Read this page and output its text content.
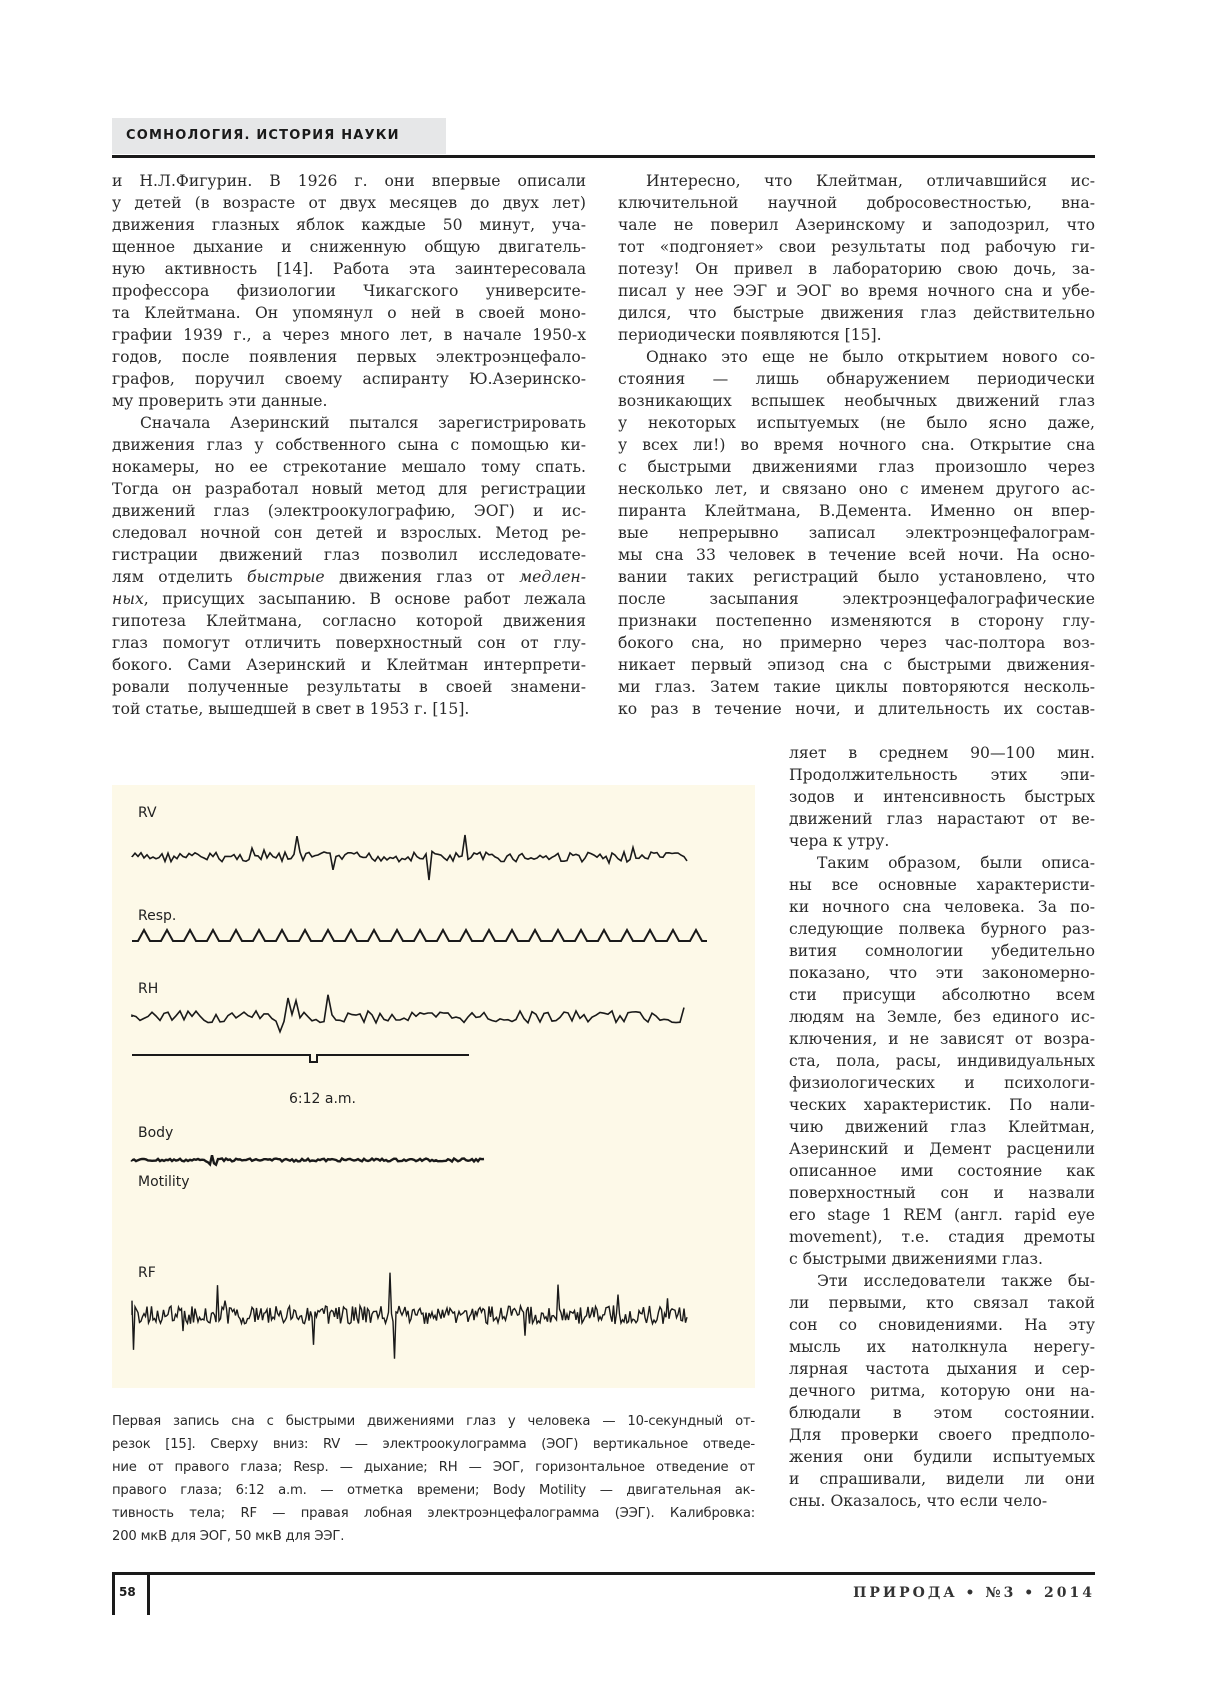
СОМНОЛОГИЯ. ИСТОРИЯ НАУКИ
и Н.Л.Фигурин. В 1926 г. они впервые описали
у детей (в возрасте от двух месяцев до двух лет)
движения глазных яблок каждые 50 минут, уча-
щенное дыхание и сниженную общую двигатель-
ную активность [14]. Работа эта заинтересовала
профессора физиологии Чикагского университе-
та Клейтмана. Он упомянул о ней в своей моно-
графии 1939 г., а через много лет, в начале 1950-х
годов, после появления первых электроэнцефало-
графов, поручил своему аспиранту Ю.Азеринско-
му проверить эти данные.
Сначала Азеринский пытался зарегистрировать
движения глаз у собственного сына с помощью ки-
нокамеры, но ее стрекотание мешало тому спать.
Тогда он разработал новый метод для регистрации
движений глаз (электроокулографию, ЭОГ) и ис-
следовал ночной сон детей и взрослых. Метод ре-
гистрации движений глаз позволил исследовате-
лям отделить быстрые движения глаз от медлен-
ных, присущих засыпанию. В основе работ лежала
гипотеза Клейтмана, согласно которой движения
глаз помогут отличить поверхностный сон от глу-
бокого. Сами Азеринский и Клейтман интерпрети-
ровали полученные результаты в своей знамени-
той статье, вышедшей в свет в 1953 г. [15].
Интересно, что Клейтман, отличавшийся ис-
ключительной научной добросовестностью, вна-
чале не поверил Азеринскому и заподозрил, что
тот «подгоняет» свои результаты под рабочую ги-
потезу! Он привел в лабораторию свою дочь, за-
писал у нее ЭЭГ и ЭОГ во время ночного сна и убе-
дился, что быстрые движения глаз действительно
периодически появляются [15].
Однако это еще не было открытием нового со-
стояния — лишь обнаружением периодически
возникающих вспышек необычных движений глаз
у некоторых испытуемых (не было ясно даже,
у всех ли!) во время ночного сна. Открытие сна
с быстрыми движениями глаз произошло через
несколько лет, и связано оно с именем другого ас-
пиранта Клейтмана, В.Демента. Именно он впер-
вые непрерывно записал электроэнцефалограм-
мы сна 33 человек в течение всей ночи. На осно-
вании таких регистраций было установлено, что
после засыпания электроэнцефалографические
признаки постепенно изменяются в сторону глу-
бокого сна, но примерно через час-полтора воз-
никает первый эпизод сна с быстрыми движения-
ми глаз. Затем такие циклы повторяются несколь-
ко раз в течение ночи, и длительность их состав-
ляет в среднем 90—100 мин.
Продолжительность этих эпи-
зодов и интенсивность быстрых
движений глаз нарастают от ве-
чера к утру.
Таким образом, были описа-
ны все основные характеристи-
ки ночного сна человека. За по-
следующие полвека бурного раз-
вития сомнологии убедительно
показано, что эти закономерно-
сти присущи абсолютно всем
людям на Земле, без единого ис-
ключения, и не зависят от возра-
ста, пола, расы, индивидуальных
физиологических и психологи-
ческих характеристик. По нали-
чию движений глаз Клейтман,
Азеринский и Демент расценили
описанное ими состояние как
поверхностный сон и назвали
его stage 1 REM (англ. rapid eye
movement), т.е. стадия дремоты
с быстрыми движениями глаз.
Эти исследователи также бы-
ли первыми, кто связал такой
сон со сновидениями. На эту
мысль их натолкнула нерегу-
лярная частота дыхания и сер-
дечного ритма, которую они на-
блюдали в этом состоянии.
Для проверки своего предполо-
жения они будили испытуемых
и спрашивали, видели ли они
сны. Оказалось, что если чело-
RV
Resp.
RH
6:12 a.m.
Body
Motility
RF
Первая запись сна с быстрыми движениями глаз у человека — 10-секундный от-
резок [15]. Сверху вниз: RV — электроокулограмма (ЭОГ) вертикальное отведе-
ние от правого глаза; Resp. — дыхание; RH — ЭОГ, горизонтальное отведение от
правого глаза; 6:12 a.m. — отметка времени; Body Motility — двигательная ак-
тивность тела; RF — правая лобная электроэнцефалограмма (ЭЭГ). Калибровка:
200 мкВ для ЭОГ, 50 мкВ для ЭЭГ.
58	ПРИРОДА • №3 • 2014
